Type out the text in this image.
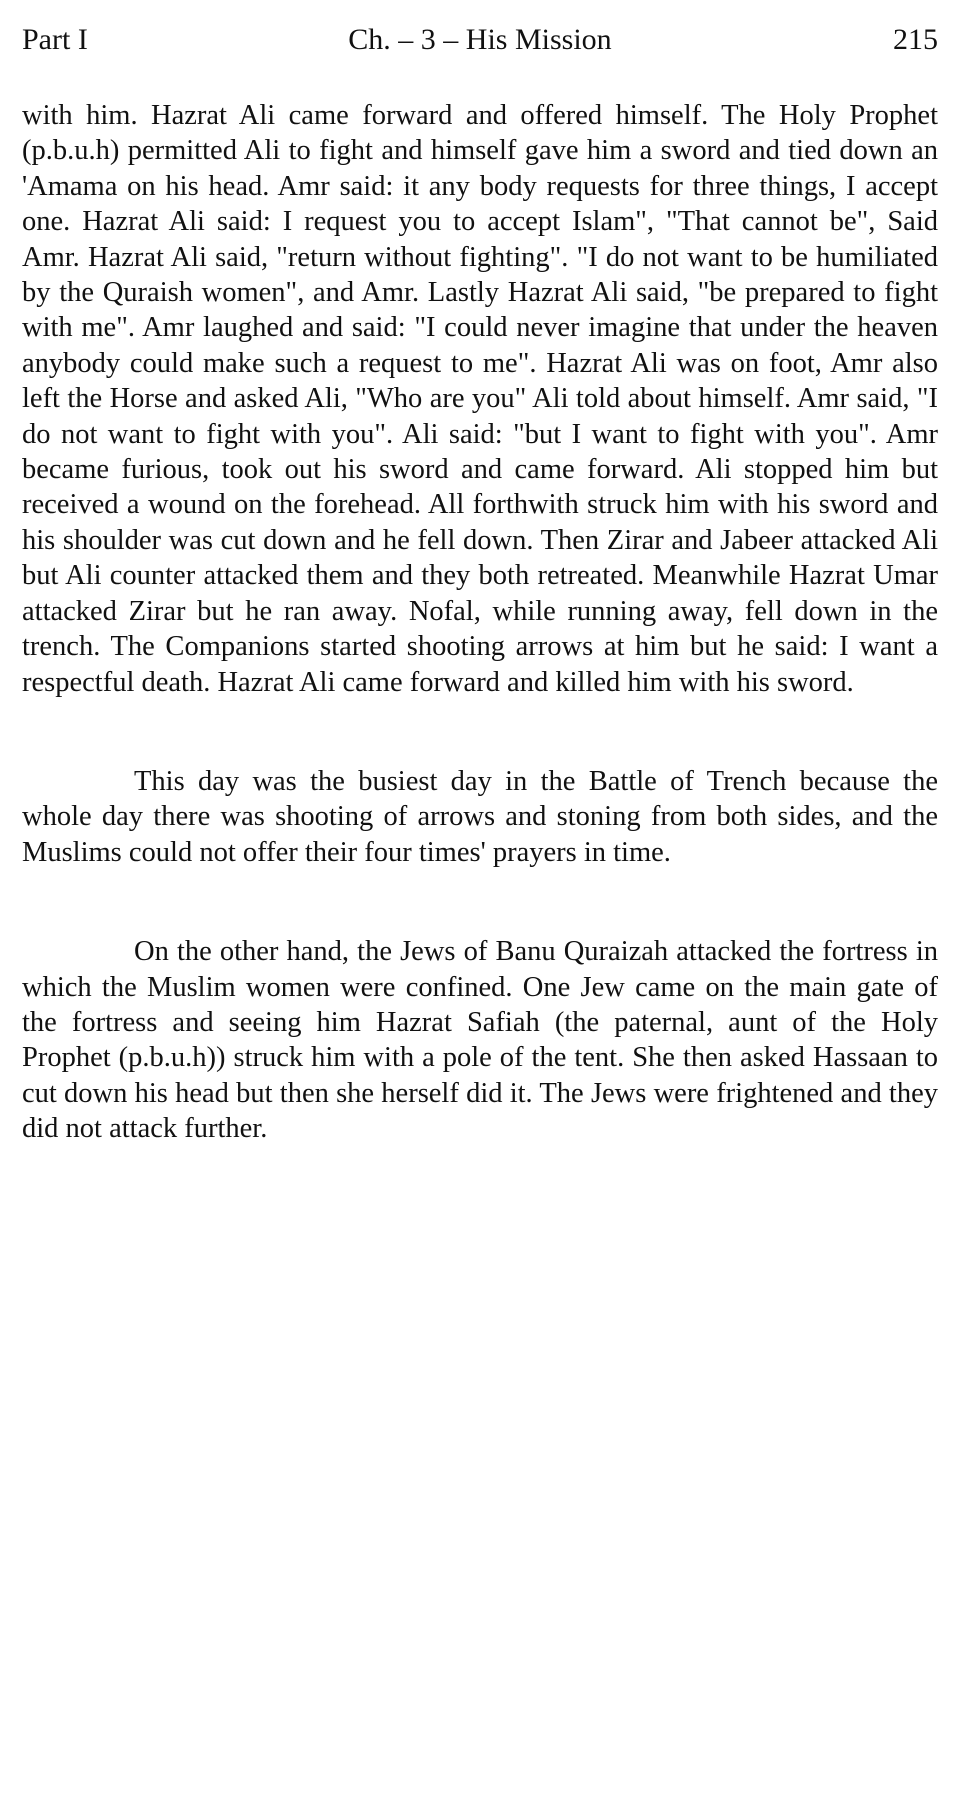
Part I	Ch. – 3 – His Mission	215

with him. Hazrat Ali came forward and offered himself. The Holy Prophet (p.b.u.h) permitted Ali to fight and himself gave him a sword and tied down an 'Amama on his head. Amr said: it any body requests for three things, I accept one. Hazrat Ali said: I request you to accept Islam", "That cannot be", Said Amr. Hazrat Ali said, "return without fighting". "I do not want to be humiliated by the Quraish women", and Amr. Lastly Hazrat Ali said, "be prepared to fight with me". Amr laughed and said: "I could never imagine that under the heaven anybody could make such a request to me". Hazrat Ali was on foot, Amr also left the Horse and asked Ali, "Who are you" Ali told about himself. Amr said, "I do not want to fight with you". Ali said: "but I want to fight with you". Amr became furious, took out his sword and came forward. Ali stopped him but received a wound on the forehead. All forthwith struck him with his sword and his shoulder was cut down and he fell down. Then Zirar and Jabeer attacked Ali but Ali counter attacked them and they both retreated. Meanwhile Hazrat Umar attacked Zirar but he ran away. Nofal, while running away, fell down in the trench. The Companions started shooting arrows at him but he said: I want a respectful death. Hazrat Ali came forward and killed him with his sword.

This day was the busiest day in the Battle of Trench because the whole day there was shooting of arrows and stoning from both sides, and the Muslims could not offer their four times' prayers in time.

On the other hand, the Jews of Banu Quraizah attacked the fortress in which the Muslim women were confined. One Jew came on the main gate of the fortress and seeing him Hazrat Safiah (the paternal, aunt of the Holy Prophet (p.b.u.h)) struck him with a pole of the tent. She then asked Hassaan to cut down his head but then she herself did it. The Jews were frightened and they did not attack further.
